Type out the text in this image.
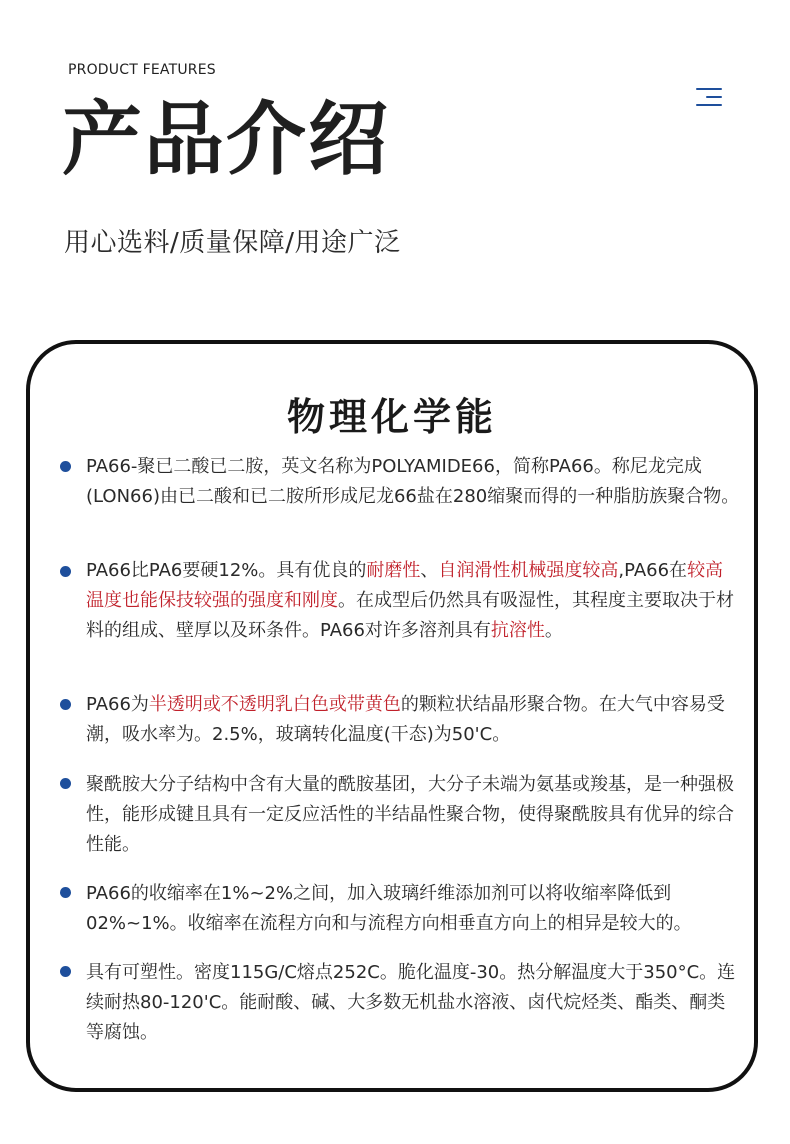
PRODUCT FEATURES
产品介绍
用心选料/质量保障/用途广泛
物理化学能
PA66-聚已二酸已二胺，英文名称为POLYAMIDE66，简称PA66。称尼龙完成(LON66)由已二酸和已二胺所形成尼龙66盐在280缩聚而得的一种脂肪族聚合物。
PA66比PA6要硬12%。具有优良的耐磨性、自润滑性机械强度较高,PA66在较高温度也能保技较强的强度和刚度。在成型后仍然具有吸湿性，其程度主要取决于材料的组成、壁厚以及环条件。PA66对许多溶剂具有抗溶性。
PA66为半透明或不透明乳白色或带黄色的颗粒状结晶形聚合物。在大气中容易受潮，吸水率为。2.5%，玻璃转化温度(干态)为50'C。
聚酰胺大分子结构中含有大量的酰胺基团，大分子未端为氨基或羧基，是一种强极性，能形成键且具有一定反应活性的半结晶性聚合物，使得聚酰胺具有优异的综合性能。
PA66的收缩率在1%~2%之间，加入玻璃纤维添加剂可以将收缩率降低到02%~1%。收缩率在流程方向和与流程方向相垂直方向上的相异是较大的。
具有可塑性。密度115G/C熔点252C。脆化温度-30。热分解温度大于350°C。连续耐热80-120'C。能耐酸、碱、大多数无机盐水溶液、卤代烷烃类、酯类、酮类等腐蚀。
